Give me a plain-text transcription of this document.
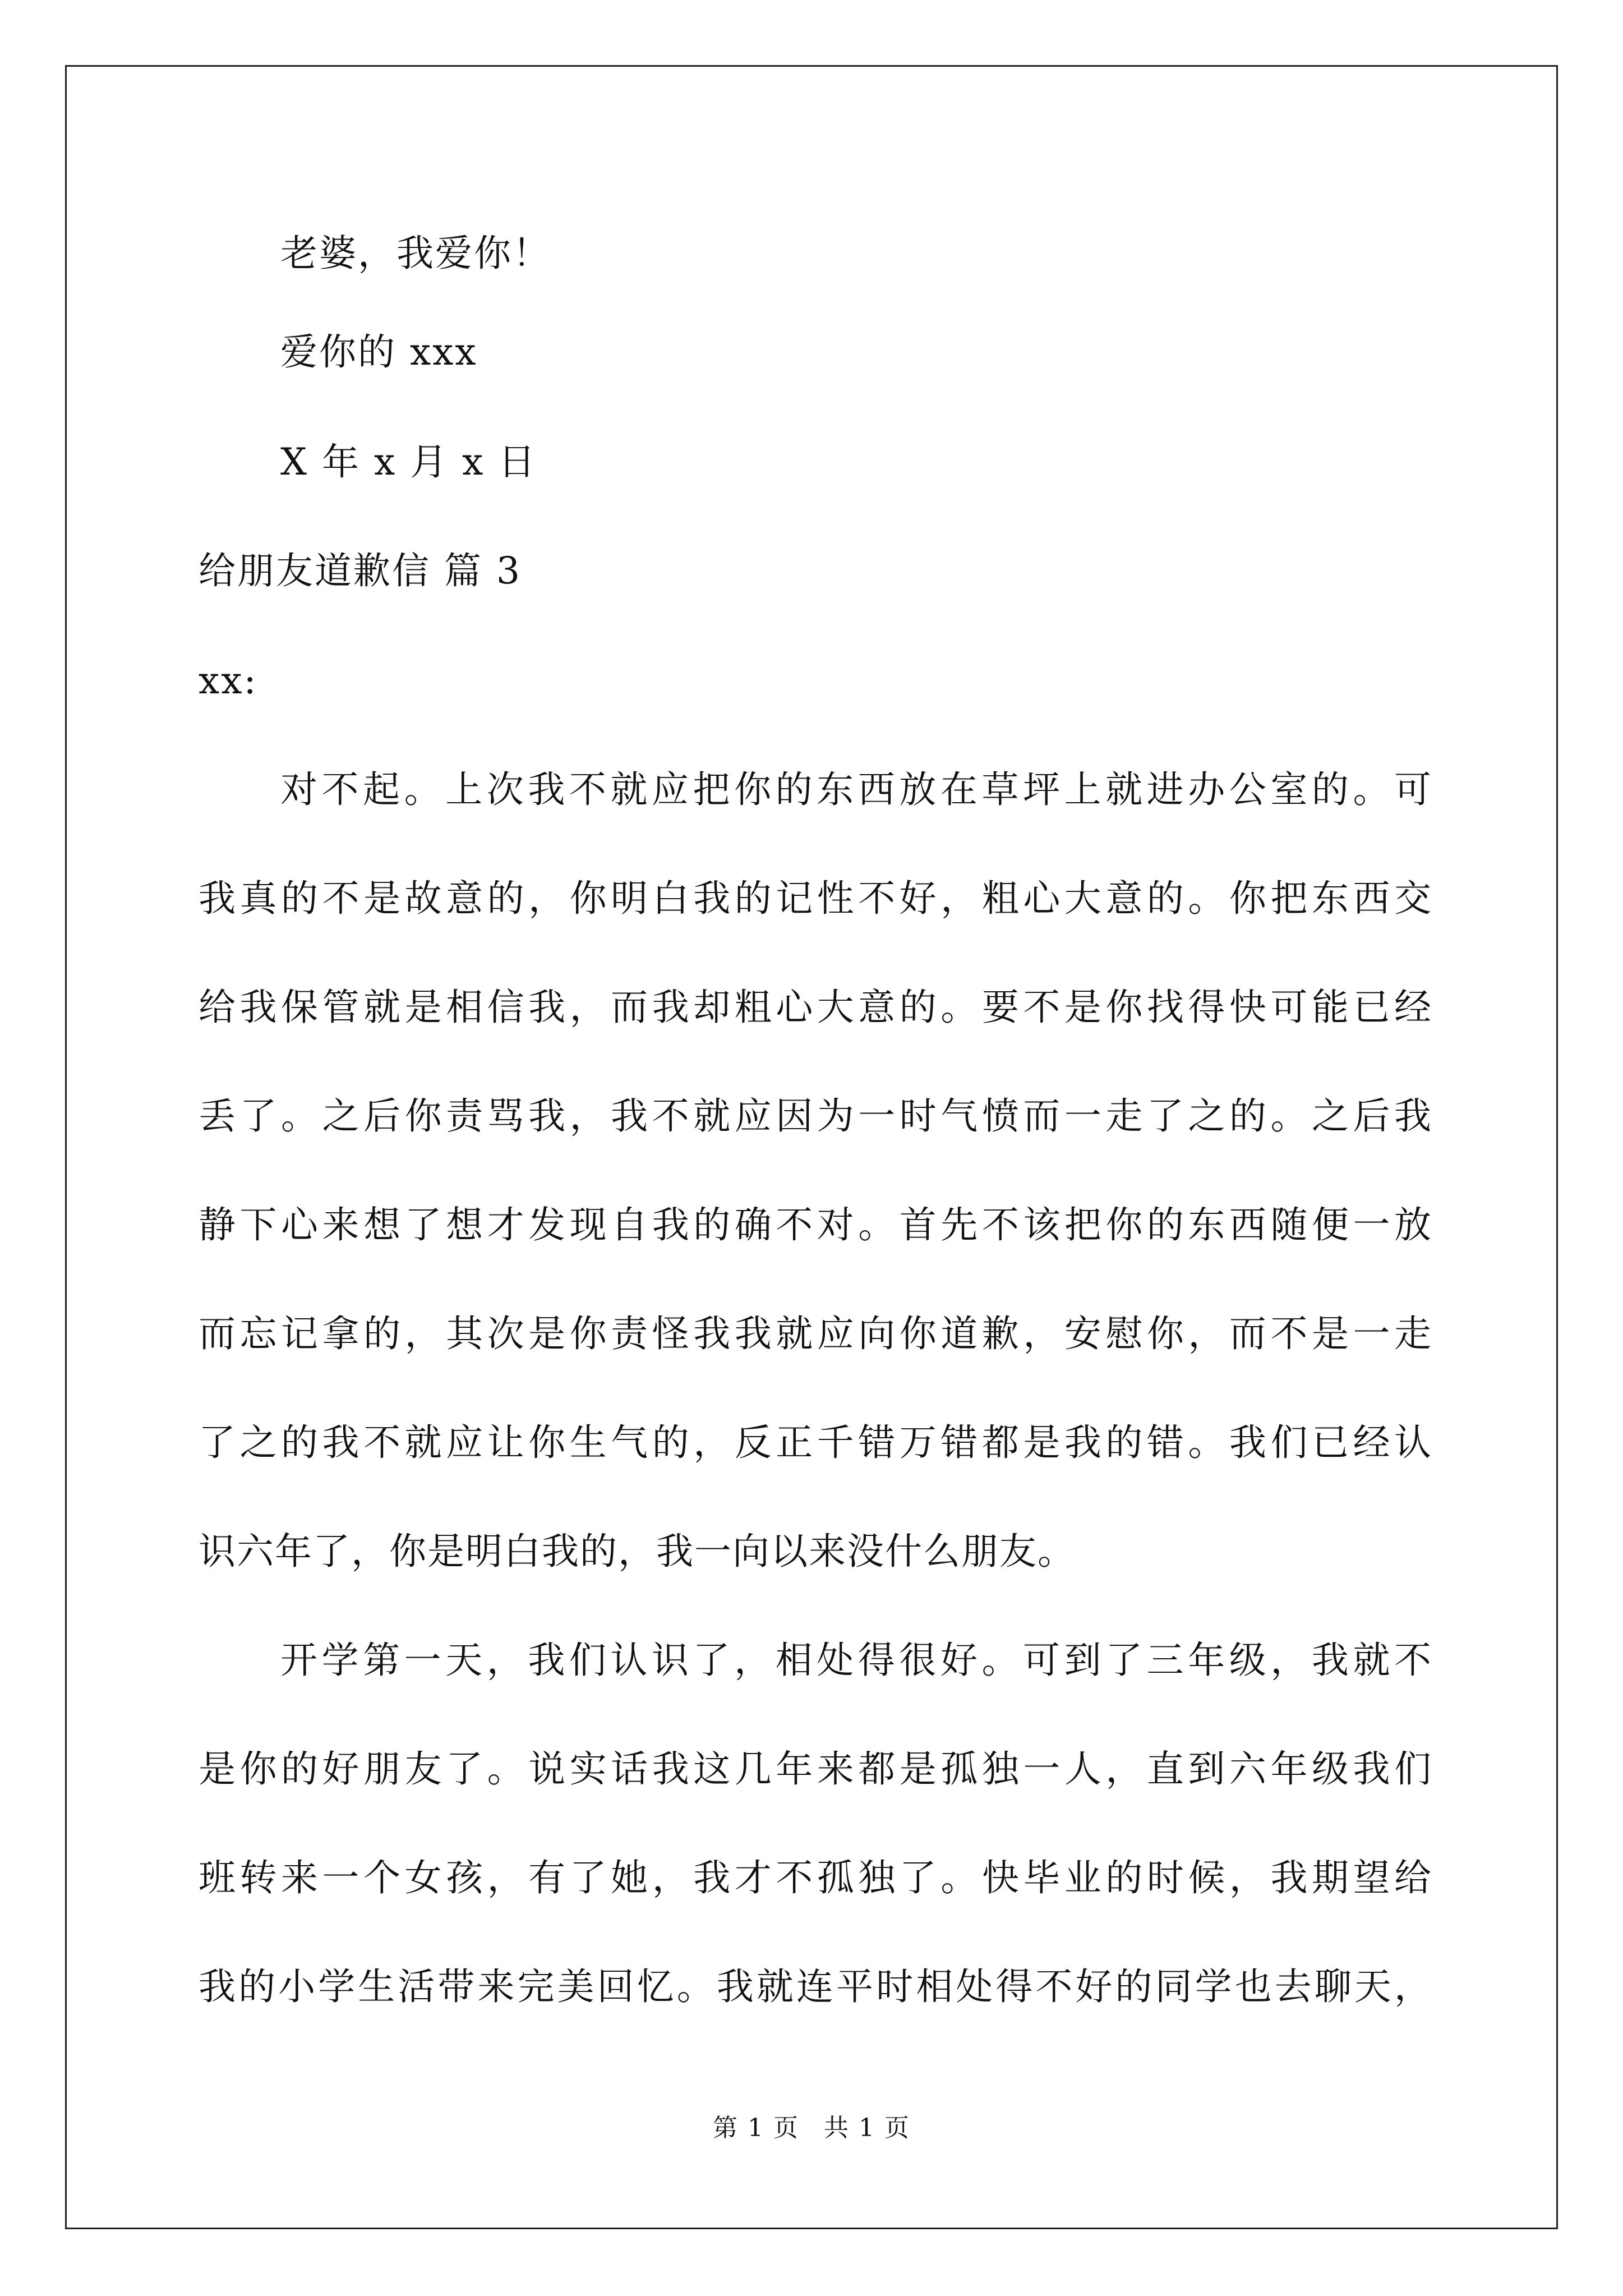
老婆，我爱你！
爱你的 xxx
X 年 x 月 x 日
给朋友道歉信 篇 3
xx:
对不起。上次我不就应把你的东西放在草坪上就进办公室的。可
我真的不是故意的，你明白我的记性不好，粗心大意的。你把东西交
给我保管就是相信我，而我却粗心大意的。要不是你找得快可能已经
丢了。之后你责骂我，我不就应因为一时气愤而一走了之的。之后我
静下心来想了想才发现自我的确不对。首先不该把你的东西随便一放
而忘记拿的，其次是你责怪我我就应向你道歉，安慰你，而不是一走
了之的我不就应让你生气的，反正千错万错都是我的错。我们已经认
识六年了，你是明白我的，我一向以来没什么朋友。
开学第一天，我们认识了，相处得很好。可到了三年级，我就不
是你的好朋友了。说实话我这几年来都是孤独一人，直到六年级我们
班转来一个女孩，有了她，我才不孤独了。快毕业的时候，我期望给
我的小学生活带来完美回忆。我就连平时相处得不好的同学也去聊天，
第 1 页 共 1 页
